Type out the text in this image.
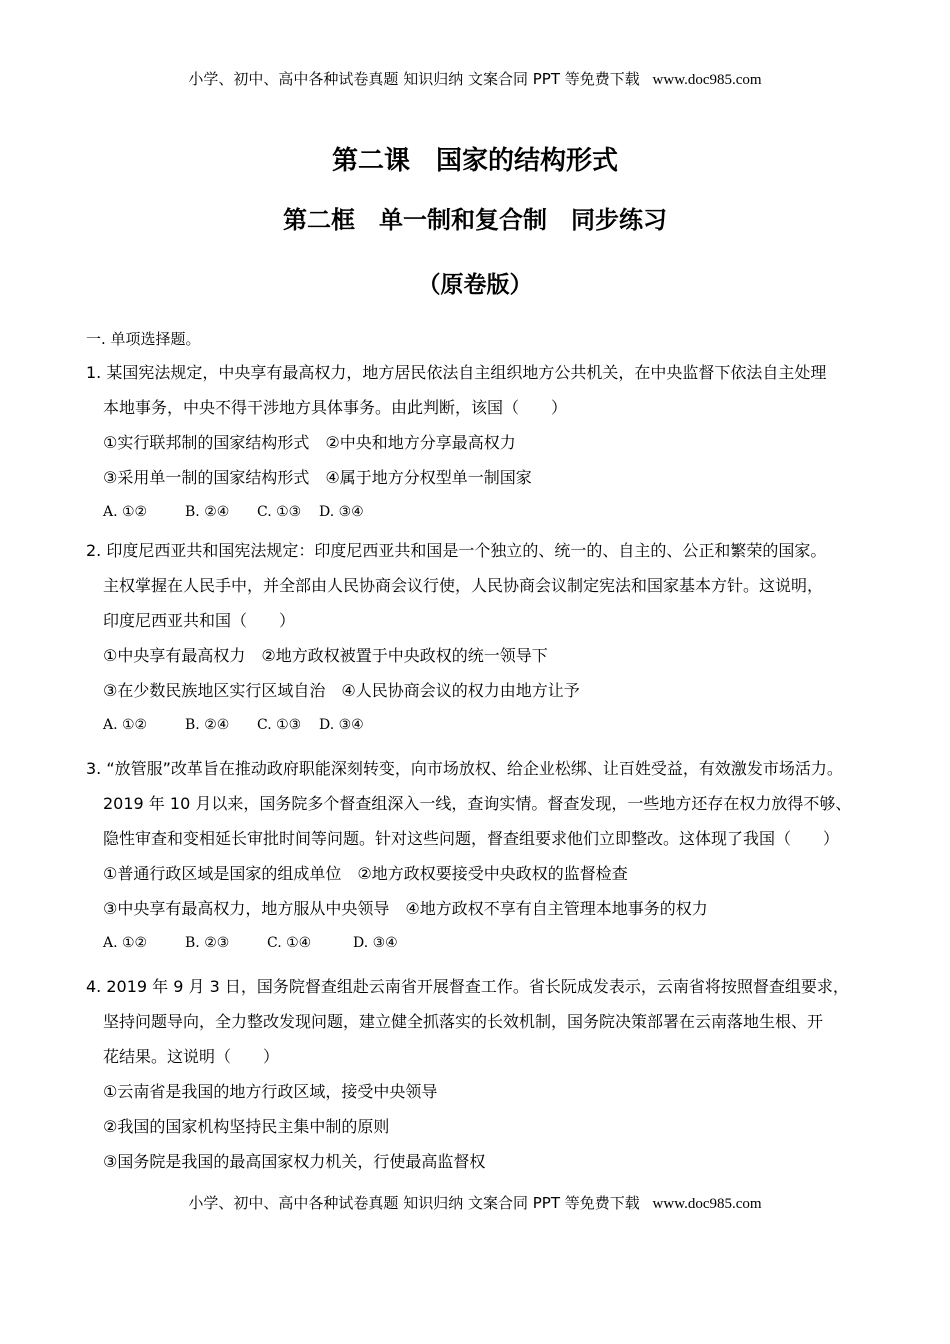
小学、初中、高中各种试卷真题 知识归纳 文案合同 PPT 等免费下载 www.doc985.com
第二课　国家的结构形式
第二框　单一制和复合制　同步练习
（原卷版）
一. 单项选择题。
1. 某国宪法规定，中央享有最高权力，地方居民依法自主组织地方公共机关，在中央监督下依法自主处理
本地事务，中央不得干涉地方具体事务。由此判断，该国（　　）
①实行联邦制的国家结构形式　②中央和地方分享最高权力
③采用单一制的国家结构形式　④属于地方分权型单一制国家
A. ①②	B. ②④ C. ①③ D. ③④
2. 印度尼西亚共和国宪法规定：印度尼西亚共和国是一个独立的、统一的、自主的、公正和繁荣的国家。
主权掌握在人民手中，并全部由人民协商会议行使，人民协商会议制定宪法和国家基本方针。这说明，
印度尼西亚共和国（　　）
①中央享有最高权力　②地方政权被置于中央政权的统一领导下
③在少数民族地区实行区域自治　④人民协商会议的权力由地方让予
A. ①②	B. ②④ C. ①③ D. ③④
3. “放管服”改革旨在推动政府职能深刻转变，向市场放权、给企业松绑、让百姓受益，有效激发市场活力。
2019 年 10 月以来，国务院多个督查组深入一线，查询实情。督查发现，一些地方还存在权力放得不够、
隐性审查和变相延长审批时间等问题。针对这些问题，督查组要求他们立即整改。这体现了我国（　　）
①普通行政区域是国家的组成单位　②地方政权要接受中央政权的监督检查
③中央享有最高权力，地方服从中央领导　④地方政权不享有自主管理本地事务的权力
A. ①②	B. ②③	C. ①④	D. ③④
4. 2019 年 9 月 3 日，国务院督查组赴云南省开展督查工作。省长阮成发表示，云南省将按照督查组要求，
坚持问题导向，全力整改发现问题，建立健全抓落实的长效机制，国务院决策部署在云南落地生根、开
花结果。这说明（　　）
①云南省是我国的地方行政区域，接受中央领导
②我国的国家机构坚持民主集中制的原则
③国务院是我国的最高国家权力机关，行使最高监督权
小学、初中、高中各种试卷真题 知识归纳 文案合同 PPT 等免费下载 www.doc985.com
